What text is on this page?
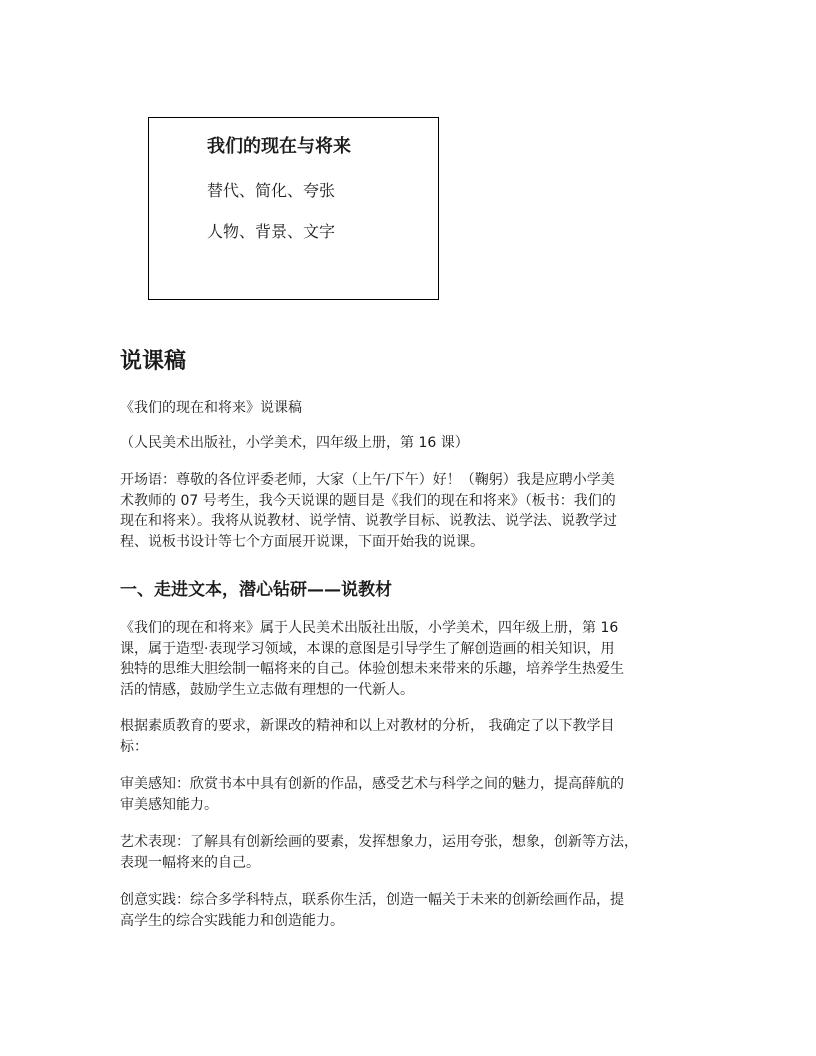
我们的现在与将来
替代、简化、夸张
人物、背景、文字
说课稿
《我们的现在和将来》说课稿
（人民美术出版社，小学美术，四年级上册，第 16 课）
开场语：尊敬的各位评委老师，大家（上午/下午）好！（鞠躬）我是应聘小学美
术教师的 07 号考生，我今天说课的题目是《我们的现在和将来》（板书：我们的
现在和将来）。我将从说教材、说学情、说教学目标、说教法、说学法、说教学过
程、说板书设计等七个方面展开说课，下面开始我的说课。
一、走进文本，潜心钻研——说教材
《我们的现在和将来》属于人民美术出版社出版，小学美术，四年级上册，第 16
课，属于造型·表现学习领域，本课的意图是引导学生了解创造画的相关知识，用
独特的思维大胆绘制一幅将来的自己。体验创想未来带来的乐趣，培养学生热爱生
活的情感，鼓励学生立志做有理想的一代新人。
根据素质教育的要求，新课改的精神和以上对教材的分析， 我确定了以下教学目
标：
审美感知：欣赏书本中具有创新的作品，感受艺术与科学之间的魅力，提高薛航的
审美感知能力。
艺术表现：了解具有创新绘画的要素，发挥想象力，运用夸张，想象，创新等方法，
表现一幅将来的自己。
创意实践：综合多学科特点，联系你生活，创造一幅关于未来的创新绘画作品，提
高学生的综合实践能力和创造能力。
